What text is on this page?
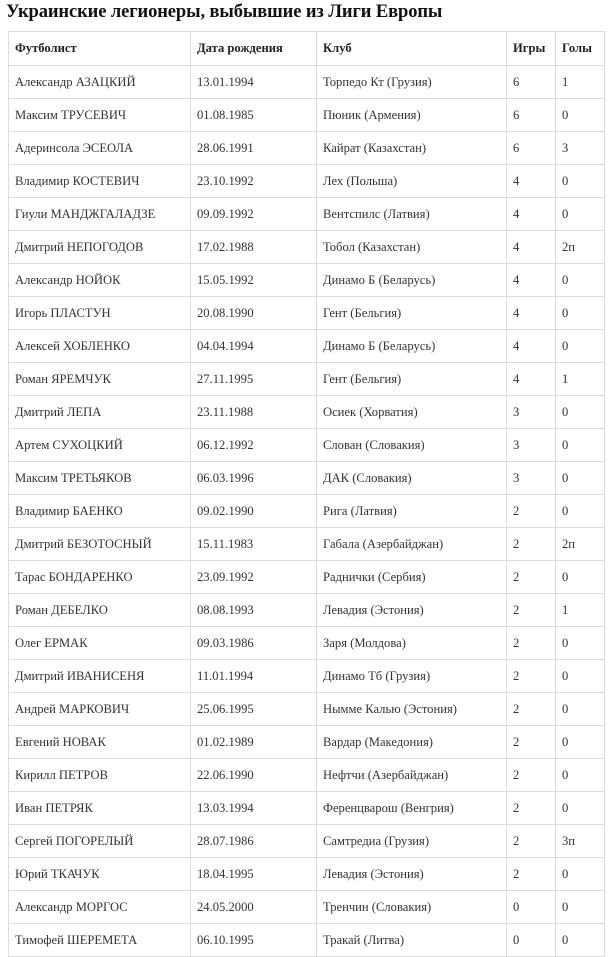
Украинские легионеры, выбывшие из Лиги Европы
Футболист	Дата рождения	Клуб	Игры	Голы
Александр АЗАЦКИЙ	13.01.1994	Торпедо Кт (Грузия)	6	1
Максим ТРУСЕВИЧ	01.08.1985	Пюник (Армения)	6	0
Адеринсола ЭСЕОЛА	28.06.1991	Кайрат (Казахстан)	6	3
Владимир КОСТЕВИЧ	23.10.1992	Лех (Польша)	4	0
Гиули МАНДЖГАЛАДЗЕ	09.09.1992	Вентспилс (Латвия)	4	0
Дмитрий НЕПОГОДОВ	17.02.1988	Тобол (Казахстан)	4	2п
Александр НОЙОК	15.05.1992	Динамо Б (Беларусь)	4	0
Игорь ПЛАСТУН	20.08.1990	Гент (Бельгия)	4	0
Алексей ХОБЛЕНКО	04.04.1994	Динамо Б (Беларусь)	4	0
Роман ЯРЕМЧУК	27.11.1995	Гент (Бельгия)	4	1
Дмитрий ЛЕПА	23.11.1988	Осиек (Хорватия)	3	0
Артем СУХОЦКИЙ	06.12.1992	Слован (Словакия)	3	0
Максим ТРЕТЬЯКОВ	06.03.1996	ДАК (Словакия)	3	0
Владимир БАЕНКО	09.02.1990	Рига (Латвия)	2	0
Дмитрий БЕЗОТОСНЫЙ	15.11.1983	Габала (Азербайджан)	2	2п
Тарас БОНДАРЕНКО	23.09.1992	Раднички (Сербия)	2	0
Роман ДЕБЕЛКО	08.08.1993	Левадия (Эстония)	2	1
Олег ЕРМАК	09.03.1986	Заря (Молдова)	2	0
Дмитрий ИВАНИСЕНЯ	11.01.1994	Динамо Тб (Грузия)	2	0
Андрей МАРКОВИЧ	25.06.1995	Нымме Калью (Эстония)	2	0
Евгений НОВАК	01.02.1989	Вардар (Македония)	2	0
Кирилл ПЕТРОВ	22.06.1990	Нефтчи (Азербайджан)	2	0
Иван ПЕТРЯК	13.03.1994	Ференцварош (Венгрия)	2	0
Сергей ПОГОРЕЛЫЙ	28.07.1986	Самтредиа (Грузия)	2	3п
Юрий ТКАЧУК	18.04.1995	Левадия (Эстония)	2	0
Александр МОРГОС	24.05.2000	Тренчин (Словакия)	0	0
Тимофей ШЕРЕМЕТА	06.10.1995	Тракай (Литва)	0	0
